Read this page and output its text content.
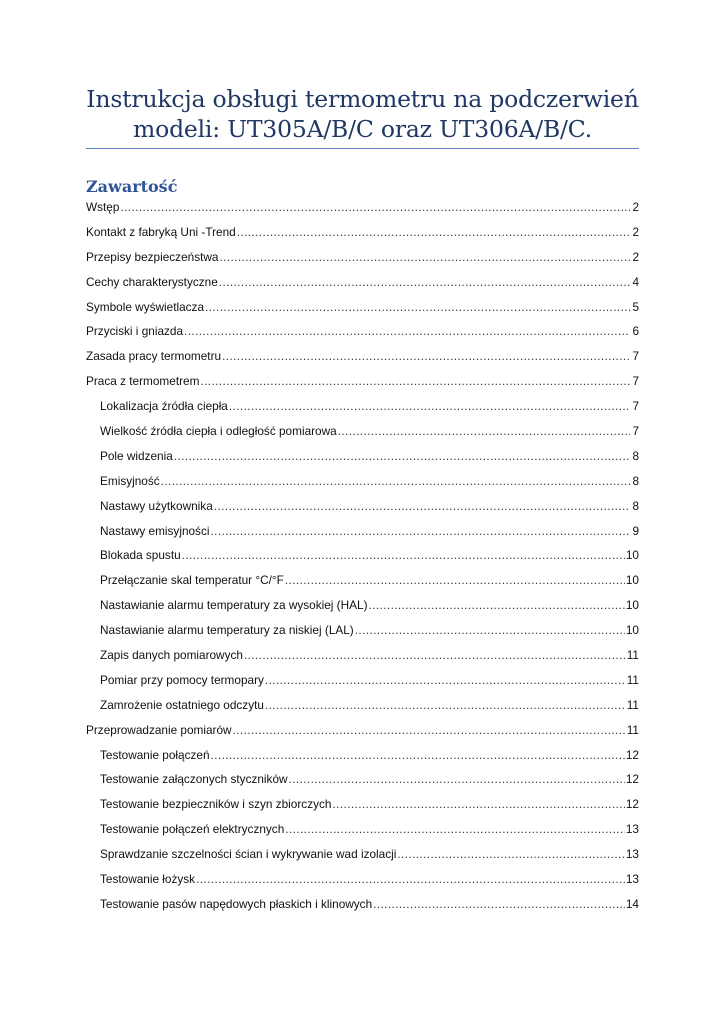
Instrukcja obsługi termometru na podczerwień
modeli: UT305A/B/C oraz UT306A/B/C.
Zawartość
Wstęp .....	2
Kontakt z fabryką Uni -Trend .....	2
Przepisy bezpieczeństwa .....	2
Cechy charakterystyczne .....	4
Symbole wyświetlacza .....	5
Przyciski i gniazda .....	6
Zasada pracy termometru .....	7
Praca z termometrem .....	7
Lokalizacja źródła ciepła .....	7
Wielkość źródła ciepła i odległość pomiarowa .....	7
Pole widzenia .....	8
Emisyjność .....	8
Nastawy użytkownika .....	8
Nastawy emisyjności .....	9
Blokada spustu .....	10
Przełączanie skal temperatur °C/°F .....	10
Nastawianie alarmu temperatury za wysokiej (HAL) .....	10
Nastawianie alarmu temperatury za niskiej (LAL) .....	10
Zapis danych pomiarowych .....	11
Pomiar przy pomocy termopary .....	11
Zamrożenie ostatniego odczytu .....	11
Przeprowadzanie pomiarów .....	11
Testowanie połączeń .....	12
Testowanie załączonych styczników .....	12
Testowanie bezpieczników i szyn zbiorczych .....	12
Testowanie połączeń elektrycznych .....	13
Sprawdzanie szczelności ścian i wykrywanie wad izolacji .....	13
Testowanie łożysk .....	13
Testowanie pasów napędowych płaskich i klinowych .....	14
